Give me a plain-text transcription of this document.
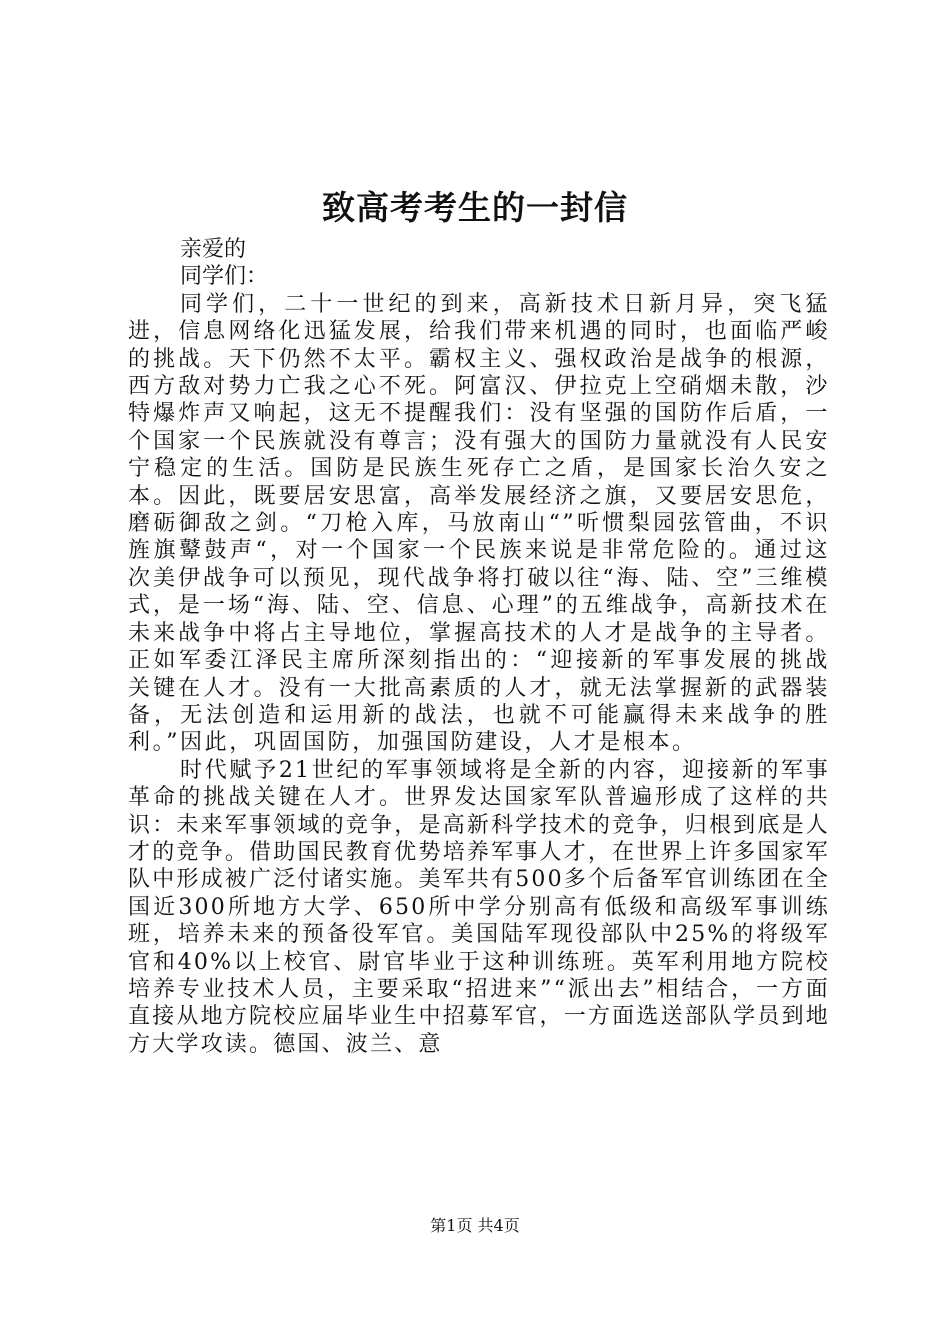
致高考考生的一封信

亲爱的

同学们：

同学们，二十一世纪的到来，高新技术日新月异，突飞猛进，信息网络化迅猛发展，给我们带来机遇的同时，也面临严峻的挑战。天下仍然不太平。霸权主义、强权政治是战争的根源，西方敌对势力亡我之心不死。阿富汉、伊拉克上空硝烟未散，沙特爆炸声又响起，这无不提醒我们：没有坚强的国防作后盾，一个国家一个民族就没有尊言；没有强大的国防力量就没有人民安宁稳定的生活。国防是民族生死存亡之盾，是国家长治久安之本。因此，既要居安思富，高举发展经济之旗，又要居安思危，磨砺御敌之剑。“刀枪入库，马放南山“”听惯梨园弦管曲，不识旌旗鼙鼓声“，对一个国家一个民族来说是非常危险的。通过这次美伊战争可以预见，现代战争将打破以往“海、陆、空”三维模式，是一场“海、陆、空、信息、心理”的五维战争，高新技术在未来战争中将占主导地位，掌握高技术的人才是战争的主导者。正如军委江泽民主席所深刻指出的：“迎接新的军事发展的挑战关键在人才。没有一大批高素质的人才，就无法掌握新的武器装备，无法创造和运用新的战法，也就不可能赢得未来战争的胜利。”因此，巩固国防，加强国防建设，人才是根本。

时代赋予21世纪的军事领域将是全新的内容，迎接新的军事革命的挑战关键在人才。世界发达国家军队普遍形成了这样的共识：未来军事领域的竞争，是高新科学技术的竞争，归根到底是人才的竞争。借助国民教育优势培养军事人才，在世界上许多国家军队中形成被广泛付诸实施。美军共有500多个后备军官训练团在全国近300所地方大学、650所中学分别高有低级和高级军事训练班，培养未来的预备役军官。美国陆军现役部队中25%的将级军官和40%以上校官、尉官毕业于这种训练班。英军利用地方院校培养专业技术人员，主要采取“招进来”“派出去”相结合，一方面直接从地方院校应届毕业生中招募军官，一方面选送部队学员到地方大学攻读。德国、波兰、意

第1页 共4页
